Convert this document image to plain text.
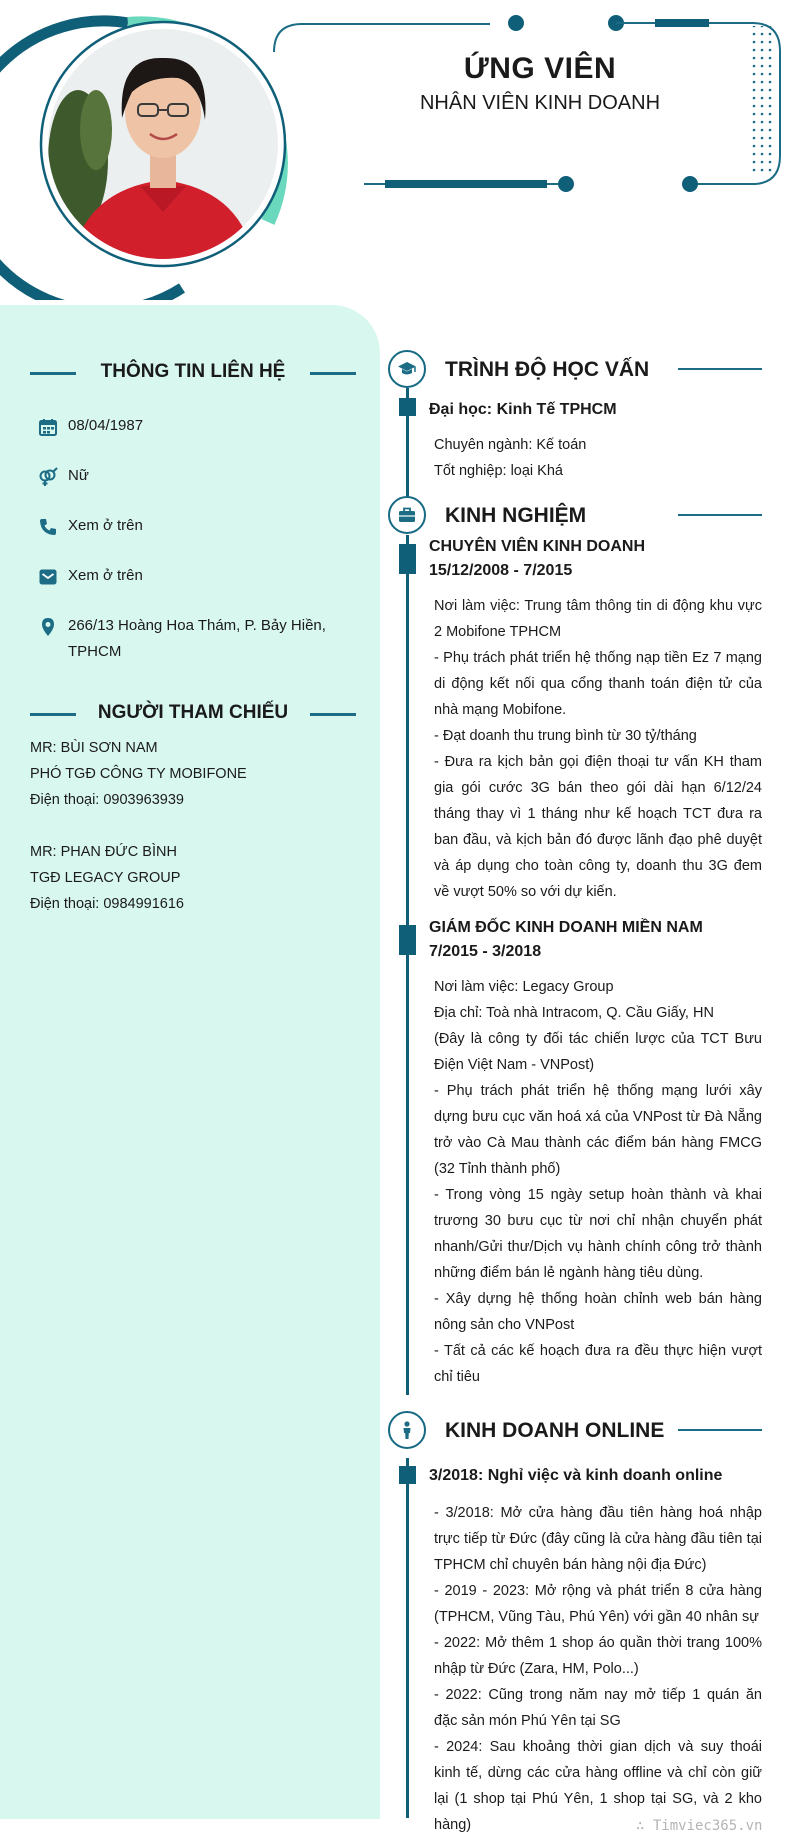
ỨNG VIÊN
NHÂN VIÊN KINH DOANH
THÔNG TIN LIÊN HỆ
08/04/1987
Nữ
Xem ở trên
Xem ở trên
266/13 Hoàng Hoa Thám, P. Bảy Hiền, TPHCM
NGƯỜI THAM CHIẾU
MR: BÙI SƠN NAM
PHÓ TGĐ CÔNG TY MOBIFONE
Điện thoại: 0903963939
MR: PHAN ĐỨC BÌNH
TGĐ LEGACY GROUP
Điện thoại: 0984991616
TRÌNH ĐỘ HỌC VẤN
Đại học: Kinh Tế TPHCM

Chuyên ngành: Kế toán

Tốt nghiệp: loại Khá

KINH NGHIỆM
CHUYÊN VIÊN KINH DOANH
15/12/2008 - 7/2015

Nơi làm việc: Trung tâm thông tin di động khu vực 2 Mobifone TPHCM

- Phụ trách phát triển hệ thống nạp tiền Ez 7 mạng di động kết nối qua cổng thanh toán điện tử của nhà mạng Mobifone.

- Đạt doanh thu trung bình từ 30 tỷ/tháng

- Đưa ra kịch bản gọi điện thoại tư vấn KH tham gia gói cước 3G bán theo gói dài hạn 6/12/24 tháng thay vì 1 tháng như kế hoạch TCT đưa ra ban đầu, và kịch bản đó được lãnh đạo phê duyệt và áp dụng cho toàn công ty, doanh thu 3G đem về vượt 50% so với dự kiến.

GIÁM ĐỐC KINH DOANH MIỀN NAM
7/2015 - 3/2018

Nơi làm việc: Legacy Group

Địa chỉ: Toà nhà Intracom, Q. Cầu Giấy, HN

(Đây là công ty đối tác chiến lược của TCT Bưu Điện Việt Nam - VNPost)

- Phụ trách phát triển hệ thống mạng lưới xây dựng bưu cục văn hoá xá của VNPost từ Đà Nẵng trở vào Cà Mau thành các điểm bán hàng FMCG (32 Tỉnh thành phố)

- Trong vòng 15 ngày setup hoàn thành và khai trương 30 bưu cục từ nơi chỉ nhận chuyển phát nhanh/Gửi thư/Dịch vụ hành chính công trở thành những điểm bán lẻ ngành hàng tiêu dùng.

- Xây dựng hệ thống hoàn chỉnh web bán hàng nông sản cho VNPost

- Tất cả các kế hoạch đưa ra đều thực hiện vượt chỉ tiêu

KINH DOANH ONLINE
3/2018: Nghỉ việc và kinh doanh online

- 3/2018: Mở cửa hàng đầu tiên hàng hoá nhập trực tiếp từ Đức (đây cũng là cửa hàng đầu tiên tại TPHCM chỉ chuyên bán hàng nội địa Đức)

- 2019 - 2023: Mở rộng và phát triển 8 cửa hàng (TPHCM, Vũng Tàu, Phú Yên) với gần 40 nhân sự

- 2022: Mở thêm 1 shop áo quần thời trang 100% nhập từ Đức (Zara, HM, Polo...)

- 2022: Cũng trong năm nay mở tiếp 1 quán ăn đặc sản món Phú Yên tại SG

- 2024: Sau khoảng thời gian dịch và suy thoái kinh tế, dừng các cửa hàng offline và chỉ còn giữ lại (1 shop tại Phú Yên, 1 shop tại SG, và 2 kho hàng)	∴ Timviec365.vn
